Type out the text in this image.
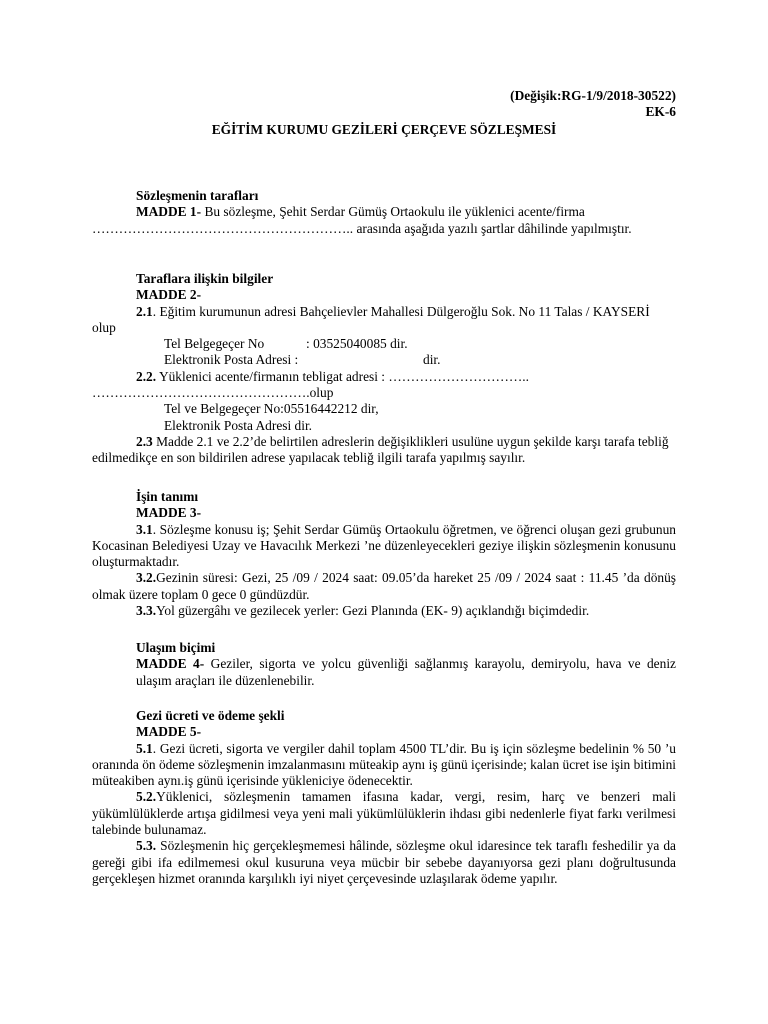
(Değişik:RG-1/9/2018-30522)

EK-6

EĞİTİM KURUMU GEZİLERİ ÇERÇEVE SÖZLEŞMESİ

Sözleşmenin tarafları

MADDE 1- Bu sözleşme, Şehit Serdar Gümüş Ortaokulu ile yüklenici acente/firma

………………………………………………….. arasında aşağıda yazılı şartlar dâhilinde yapılmıştır.

Taraflara ilişkin bilgiler

MADDE 2-

2.1. Eğitim kurumunun adresi Bahçelievler Mahallesi Dülgeroğlu Sok. No 11 Talas / KAYSERİ olup

Tel Belgegeçer No	: 03525040085 dir.

Elektronik Posta Adresi :	dir.

2.2. Yüklenici acente/firmanın tebligat adresi : …………………………..

………………………………………….olup

Tel ve Belgegeçer No:05516442212 dir,

Elektronik Posta Adresi dir.

2.3 Madde 2.1 ve 2.2’de belirtilen adreslerin değişiklikleri usulüne uygun şekilde karşı tarafa tebliğ edilmedikçe en son bildirilen adrese yapılacak tebliğ ilgili tarafa yapılmış sayılır.

İşin tanımı

MADDE 3-

3.1. Sözleşme konusu iş; Şehit Serdar Gümüş Ortaokulu öğretmen, ve öğrenci oluşan gezi grubunun Kocasinan Belediyesi Uzay ve Havacılık Merkezi ’ne düzenleyecekleri geziye ilişkin sözleşmenin konusunu oluşturmaktadır.

3.2.Gezinin süresi: Gezi, 25 /09 / 2024 saat: 09.05’da hareket 25 /09 / 2024 saat : 11.45 ’da dönüş olmak üzere toplam 0 gece 0 gündüzdür.

3.3.Yol güzergâhı ve gezilecek yerler: Gezi Planında (EK- 9) açıklandığı biçimdedir.

Ulaşım biçimi

MADDE 4- Geziler, sigorta ve yolcu güvenliği sağlanmış karayolu, demiryolu, hava ve deniz ulaşım araçları ile düzenlenebilir.

Gezi ücreti ve ödeme şekli

MADDE 5-

5.1. Gezi ücreti, sigorta ve vergiler dahil toplam 4500 TL’dir. Bu iş için sözleşme bedelinin % 50 ’u oranında ön ödeme sözleşmenin imzalanmasını müteakip aynı iş günü içerisinde; kalan ücret ise işin bitimini müteakiben aynı.iş günü içerisinde yükleniciye ödenecektir.

5.2.Yüklenici, sözleşmenin tamamen ifasına kadar, vergi, resim, harç ve benzeri mali yükümlülüklerde artışa gidilmesi veya yeni mali yükümlülüklerin ihdası gibi nedenlerle fiyat farkı verilmesi talebinde bulunamaz.

5.3. Sözleşmenin hiç gerçekleşmemesi hâlinde, sözleşme okul idaresince tek taraflı feshedilir ya da gereği gibi ifa edilmemesi okul kusuruna veya mücbir bir sebebe dayanıyorsa gezi planı doğrultusunda gerçekleşen hizmet oranında karşılıklı iyi niyet çerçevesinde uzlaşılarak ödeme yapılır.
